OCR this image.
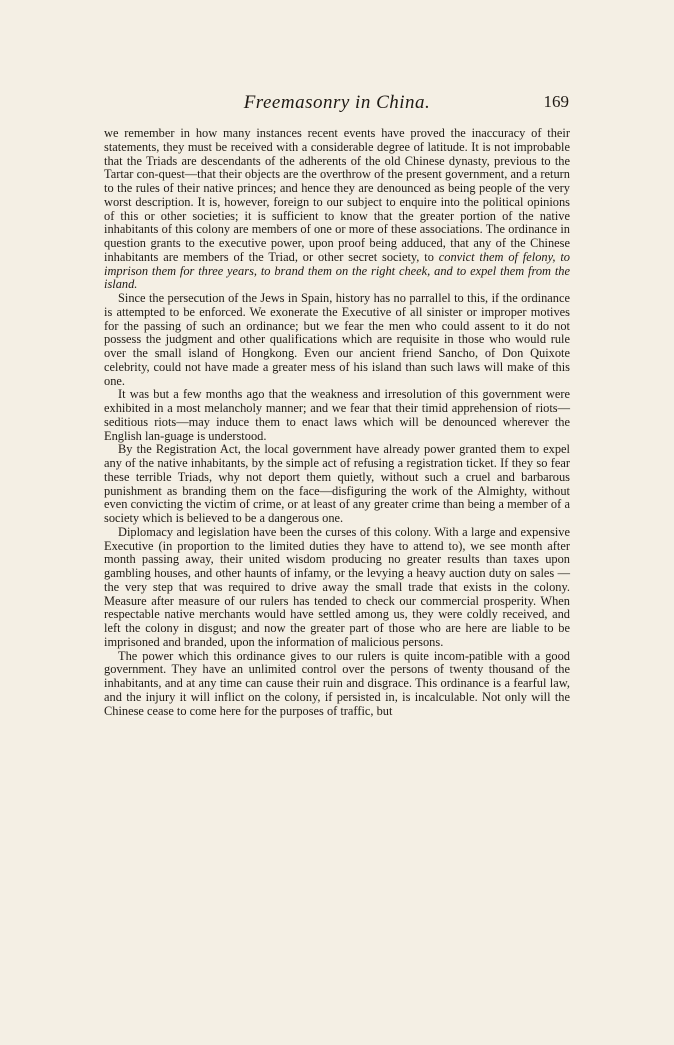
Freemasonry in China.	169

we remember in how many instances recent events have proved the inaccuracy of their statements, they must be received with a considerable degree of latitude. It is not improbable that the Triads are descendants of the adherents of the old Chinese dynasty, previous to the Tartar con-quest—that their objects are the overthrow of the present government, and a return to the rules of their native princes; and hence they are denounced as being people of the very worst description. It is, however, foreign to our subject to enquire into the political opinions of this or other societies; it is sufficient to know that the greater portion of the native inhabitants of this colony are members of one or more of these associations. The ordinance in question grants to the executive power, upon proof being adduced, that any of the Chinese inhabitants are members of the Triad, or other secret society, to convict them of felony, to imprison them for three years, to brand them on the right cheek, and to expel them from the island.

Since the persecution of the Jews in Spain, history has no parrallel to this, if the ordinance is attempted to be enforced. We exonerate the Executive of all sinister or improper motives for the passing of such an ordinance; but we fear the men who could assent to it do not possess the judgment and other qualifications which are requisite in those who would rule over the small island of Hongkong. Even our ancient friend Sancho, of Don Quixote celebrity, could not have made a greater mess of his island than such laws will make of this one.

It was but a few months ago that the weakness and irresolution of this government were exhibited in a most melancholy manner; and we fear that their timid apprehension of riots—seditious riots—may induce them to enact laws which will be denounced wherever the English lan-guage is understood.

By the Registration Act, the local government have already power granted them to expel any of the native inhabitants, by the simple act of refusing a registration ticket. If they so fear these terrible Triads, why not deport them quietly, without such a cruel and barbarous punishment as branding them on the face—disfiguring the work of the Almighty, without even convicting the victim of crime, or at least of any greater crime than being a member of a society which is believed to be a dangerous one.

Diplomacy and legislation have been the curses of this colony. With a large and expensive Executive (in proportion to the limited duties they have to attend to), we see month after month passing away, their united wisdom producing no greater results than taxes upon gambling houses, and other haunts of infamy, or the levying a heavy auction duty on sales —the very step that was required to drive away the small trade that exists in the colony. Measure after measure of our rulers has tended to check our commercial prosperity. When respectable native merchants would have settled among us, they were coldly received, and left the colony in disgust; and now the greater part of those who are here are liable to be imprisoned and branded, upon the information of malicious persons.

The power which this ordinance gives to our rulers is quite incom-patible with a good government. They have an unlimited control over the persons of twenty thousand of the inhabitants, and at any time can cause their ruin and disgrace. This ordinance is a fearful law, and the injury it will inflict on the colony, if persisted in, is incalculable. Not only will the Chinese cease to come here for the purposes of traffic, but
